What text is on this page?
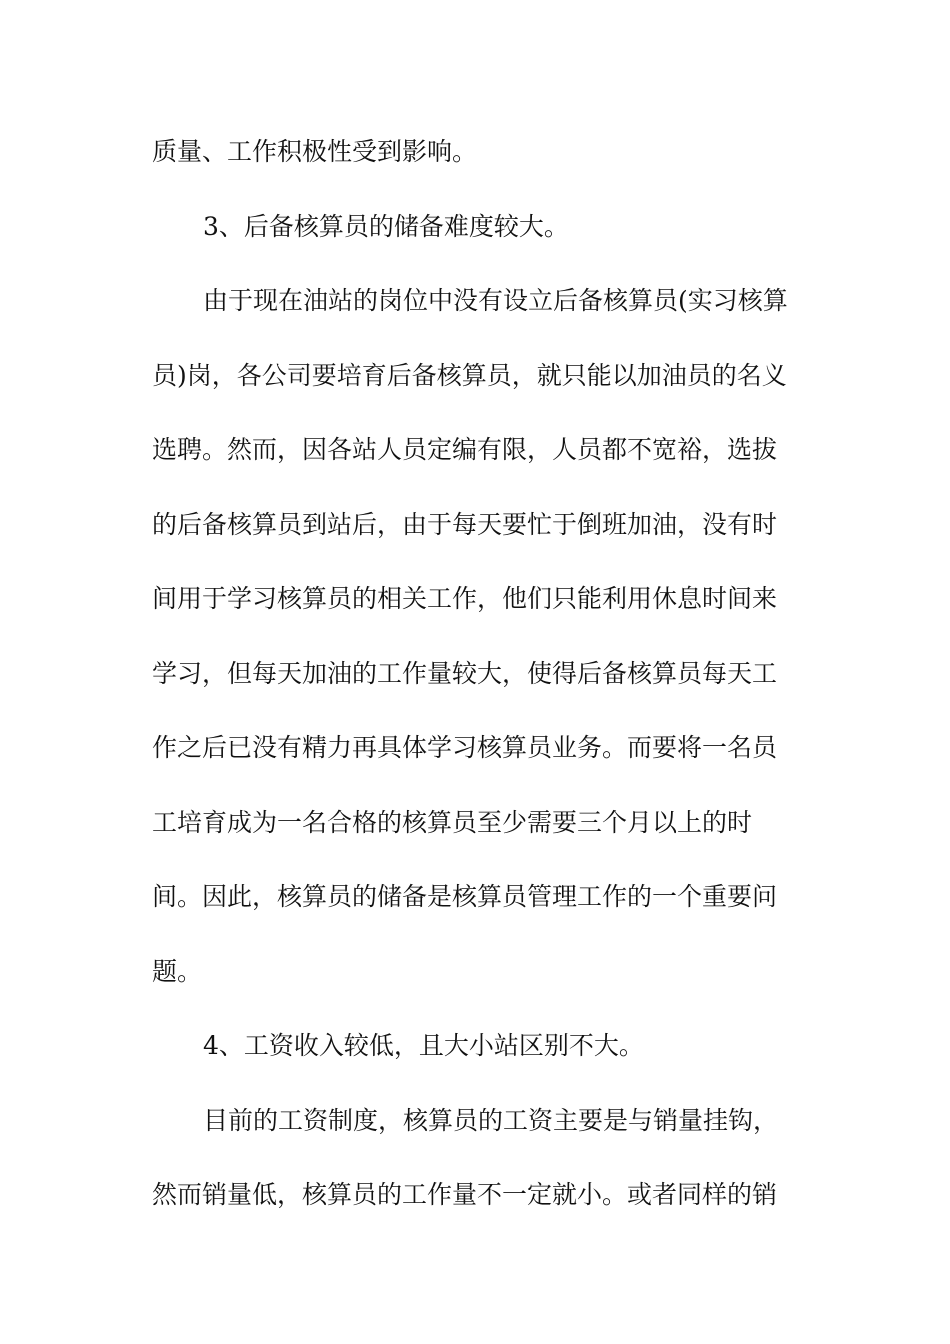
质量、工作积极性受到影响。
3、后备核算员的储备难度较大。
由于现在油站的岗位中没有设立后备核算员(实习核算
员)岗，各公司要培育后备核算员，就只能以加油员的名义
选聘。然而，因各站人员定编有限，人员都不宽裕，选拔
的后备核算员到站后，由于每天要忙于倒班加油，没有时
间用于学习核算员的相关工作，他们只能利用休息时间来
学习，但每天加油的工作量较大，使得后备核算员每天工
作之后已没有精力再具体学习核算员业务。而要将一名员
工培育成为一名合格的核算员至少需要三个月以上的时
间。因此，核算员的储备是核算员管理工作的一个重要问
题。
4、工资收入较低，且大小站区别不大。
目前的工资制度，核算员的工资主要是与销量挂钩，
然而销量低，核算员的工作量不一定就小。或者同样的销
